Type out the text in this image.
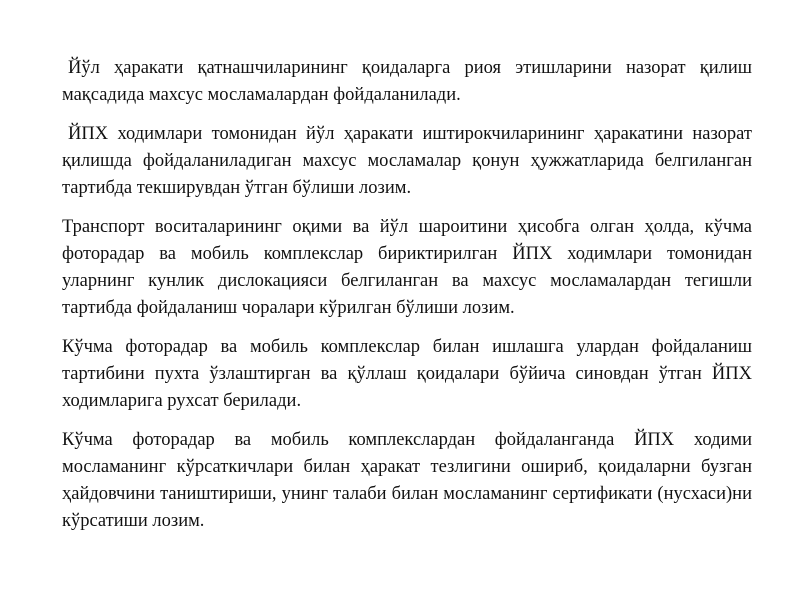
Йўл ҳаракати қатнашчиларининг қоидаларга риоя этишларини назорат қилиш мақсадида махсус мосламалардан фойдаланилади.

ЙПХ ходимлари томонидан йўл ҳаракати иштирокчиларининг ҳаракатини назорат қилишда фойдаланиладиган махсус мосламалар қонун ҳужжатларида белгиланган тартибда текширувдан ўтган бўлиши лозим.

Транспорт воситаларининг оқими ва йўл шароитини ҳисобга олган ҳолда, кўчма фоторадар ва мобиль комплекслар бириктирилган ЙПХ ходимлари томонидан уларнинг кунлик дислокацияси белгиланган ва махсус мосламалардан тегишли тартибда фойдаланиш чоралари кўрилган бўлиши лозим.

Кўчма фоторадар ва мобиль комплекслар билан ишлашга улардан фойдаланиш тартибини пухта ўзлаштирган ва қўллаш қоидалари бўйича синовдан ўтган ЙПХ ходимларига рухсат берилади.

Кўчма фоторадар ва мобиль комплекслардан фойдаланганда ЙПХ ходими мосламанинг кўрсаткичлари билан ҳаракат тезлигини ошириб, қоидаларни бузган ҳайдовчини таништириши, унинг талаби билан мосламанинг сертификати (нусхаси)ни кўрсатиши лозим.
